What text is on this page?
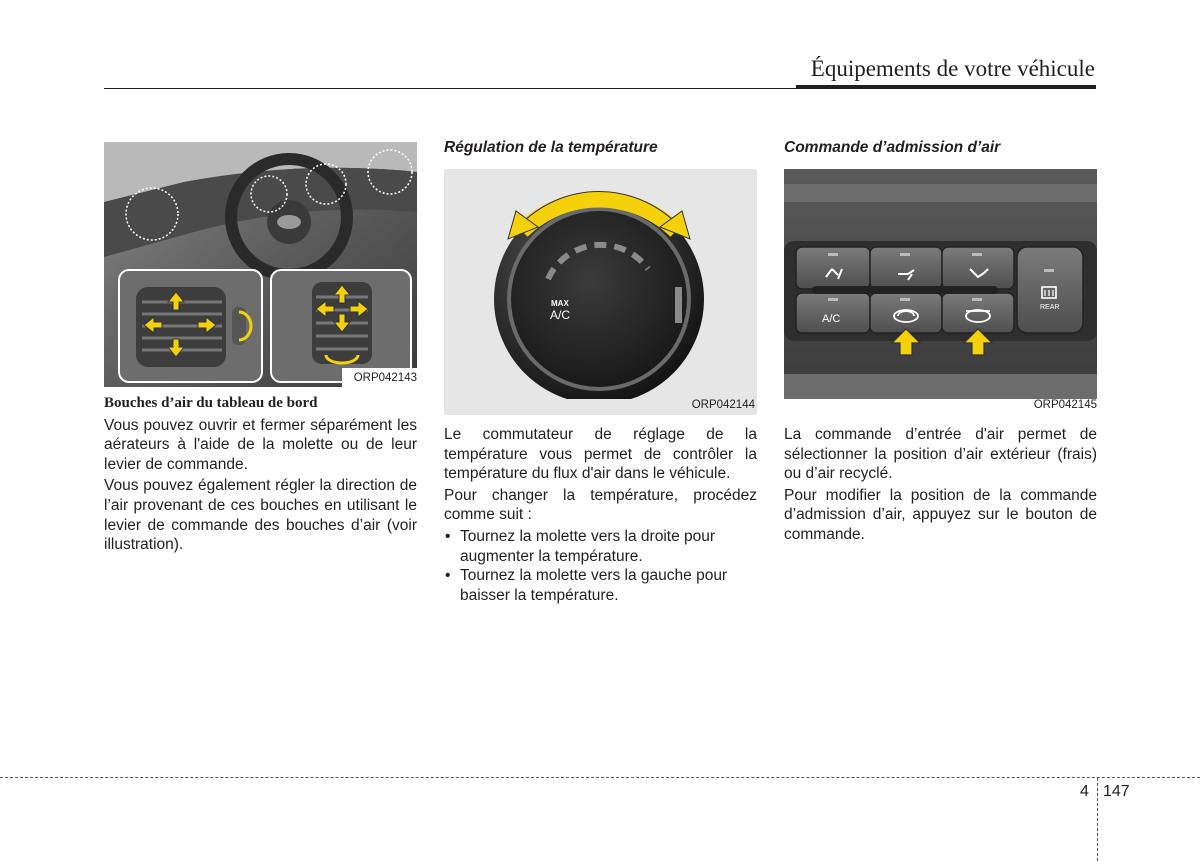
Équipements de votre véhicule
ORP042143

Bouches d’air du tableau de bord

Vous pouvez ouvrir et fermer séparément les aérateurs à l'aide de la molette ou de leur levier de commande.

Vous pouvez également régler la direction de l’air provenant de ces bouches en utilisant le levier de commande des bouches d’air (voir illustration).

Régulation de la température
MAX
A/C
ORP042144

Le commutateur de réglage de la température vous permet de contrôler la température du flux d'air dans le véhicule.

Pour changer la température, procédez comme suit :

• Tournez la molette vers la droite pour augmenter la température.
• Tournez la molette vers la gauche pour baisser la température.
Commande d’admission d’air
A/C
REAR
ORP042145

La commande d’entrée d'air permet de sélectionner la position d’air extérieur (frais) ou d’air recyclé.

Pour modifier la position de la commande d’admission d’air, appuyez sur le bouton de commande.

4 147
